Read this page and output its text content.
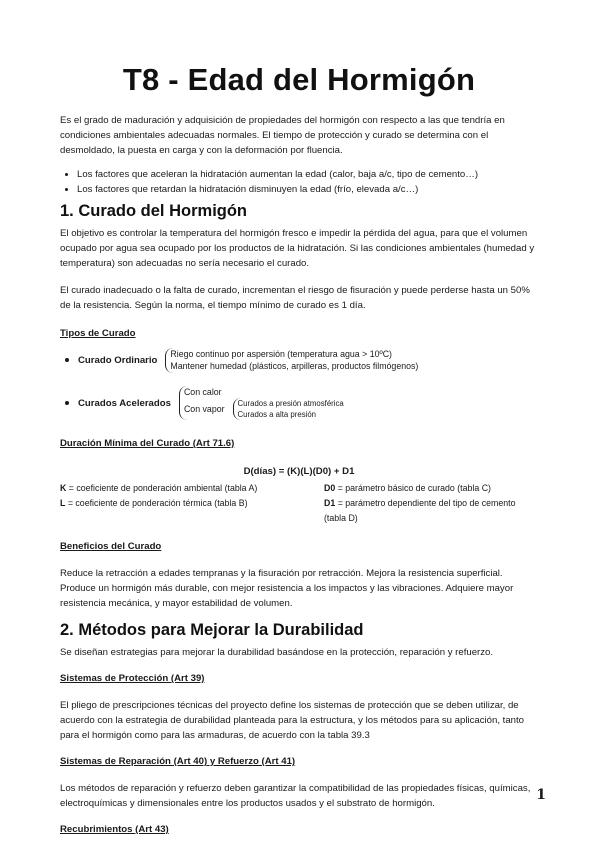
T8 - Edad del Hormigón

Es el grado de maduración y adquisición de propiedades del hormigón con respecto a las que tendría en condiciones ambientales adecuadas normales. El tiempo de protección y curado se determina con el desmoldado, la puesta en carga y con la deformación por fluencia.

• Los factores que aceleran la hidratación aumentan la edad (calor, baja a/c, tipo de cemento…)
• Los factores que retardan la hidratación disminuyen la edad (frío, elevada a/c…)
1. Curado del Hormigón

El objetivo es controlar la temperatura del hormigón fresco e impedir la pérdida del agua, para que el volumen ocupado por agua sea ocupado por los productos de la hidratación. Si las condiciones ambientales (humedad y temperatura) son adecuadas no sería necesario el curado.

El curado inadecuado o la falta de curado, incrementan el riesgo de fisuración y puede perderse hasta un 50% de la resistencia. Según la norma, el tiempo mínimo de curado es 1 día.

Tipos de Curado
Curado Ordinario
Riego continuo por aspersión (temperatura agua > 10ºC)
Mantener humedad (plásticos, arpilleras, productos filmógenos)
Curados Acelerados
Con calor
Con vapor
Curados a presión atmosférica
Curados a alta presión
Duración Mínima del Curado (Art 71.6)
D(días) = (K)(L)(D0) + D1
K = coeficiente de ponderación ambiental (tabla A)
L = coeficiente de ponderación térmica (tabla B)
D0 = parámetro básico de curado (tabla C)
D1 = parámetro dependiente del tipo de cemento (tabla D)
Beneficios del Curado

Reduce la retracción a edades tempranas y la fisuración por retracción. Mejora la resistencia superficial. Produce un hormigón más durable, con mejor resistencia a los impactos y las vibraciones. Adquiere mayor resistencia mecánica, y mayor estabilidad de volumen.

2. Métodos para Mejorar la Durabilidad

Se diseñan estrategias para mejorar la durabilidad basándose en la protección, reparación y refuerzo.

Sistemas de Protección (Art 39)

El pliego de prescripciones técnicas del proyecto define los sistemas de protección que se deben utilizar, de acuerdo con la estrategia de durabilidad planteada para la estructura, y los métodos para su aplicación, tanto para el hormigón como para las armaduras, de acuerdo con la tabla 39.3

Sistemas de Reparación (Art 40) y Refuerzo (Art 41)

Los métodos de reparación y refuerzo deben garantizar la compatibilidad de las propiedades físicas, químicas, electroquímicas y dimensionales entre los productos usados y el substrato de hormigón.

Recubrimientos (Art 43)
1
